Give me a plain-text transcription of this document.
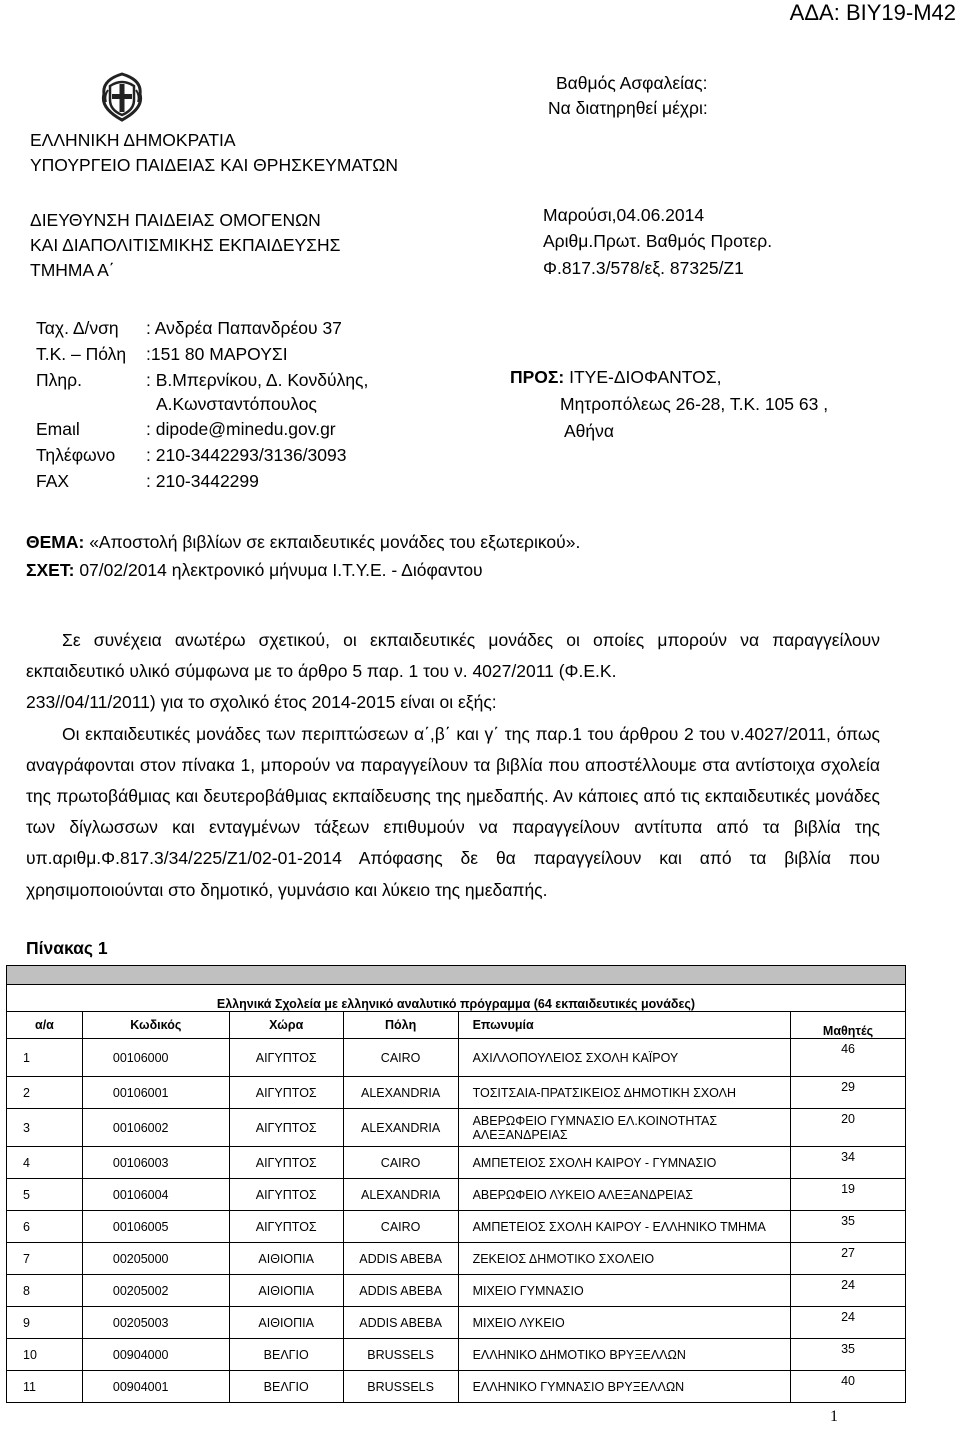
ΑΔΑ: ΒΙΥ19-Μ42
ΕΛΛΗΝΙΚΗ ΔΗΜΟΚΡΑΤΙΑ
ΥΠΟΥΡΓΕΙΟ ΠΑΙΔΕΙΑΣ ΚΑΙ ΘΡΗΣΚΕΥΜΑΤΩΝ
ΔΙΕΥΘΥΝΣΗ ΠΑΙΔΕΙΑΣ ΟΜΟΓΕΝΩΝ
ΚΑΙ ΔΙΑΠΟΛΙΤΙΣΜΙΚΗΣ ΕΚΠΑΙΔΕΥΣΗΣ
ΤΜΗΜΑ Α΄
Βαθμός Ασφαλείας:
Να διατηρηθεί μέχρι:
Μαρούσι,04.06.2014
Αριθμ.Πρωτ. Βαθμός Προτερ.
Φ.817.3/578/εξ. 87325/Ζ1
Ταχ. Δ/νση : Ανδρέα Παπανδρέου 37
Τ.Κ. – Πόλη :151 80 ΜΑΡΟΥΣΙ
Πληρ.	: Β.Μπερνίκου, Δ. Κονδύλης,
Α.Κωνσταντόπουλος
Emaιl	: dipode@minedu.gov.gr
Τηλέφωνο : 210-3442293/3136/3093
FAX	: 210-3442299
ΠΡΟΣ: ΙΤΥΕ-ΔΙΟΦΑΝΤΟΣ,
Μητροπόλεως 26-28, Τ.Κ. 105 63 ,
Αθήνα
ΘΕΜΑ: «Αποστολή βιβλίων σε εκπαιδευτικές μονάδες του εξωτερικού».
ΣΧΕΤ: 07/02/2014 ηλεκτρονικό μήνυμα Ι.Τ.Υ.Ε. - Διόφαντου

Σε συνέχεια ανωτέρω σχετικού, οι εκπαιδευτικές μονάδες οι οποίες μπορούν να παραγγείλουν εκπαιδευτικό υλικό σύμφωνα με το άρθρο 5 παρ. 1 του ν. 4027/2011 (Φ.Ε.Κ.

233//04/11/2011) για το σχολικό έτος 2014-2015 είναι οι εξής:

Οι εκπαιδευτικές μονάδες των περιπτώσεων α΄,β΄ και γ΄ της παρ.1 του άρθρου 2 του ν.4027/2011, όπως αναγράφονται στον πίνακα 1, μπορούν να παραγγείλουν τα βιβλία που αποστέλλουμε στα αντίστοιχα σχολεία της πρωτοβάθμιας και δευτεροβάθμιας εκπαίδευσης της ημεδαπής. Αν κάποιες από τις εκπαιδευτικές μονάδες των δίγλωσσων και ενταγμένων τάξεων επιθυμούν να παραγγείλουν αντίτυπα από τα βιβλία της υπ.αριθμ.Φ.817.3/34/225/Ζ1/02-01-2014 Απόφασης δε θα παραγγείλουν και από τα βιβλία που χρησιμοποιούνται στο δημοτικό, γυμνάσιο και λύκειο της ημεδαπής.

Πίνακας 1

Ελληνικά Σχολεία με ελληνικό αναλυτικό πρόγραμμα (64 εκπαιδευτικές μονάδες)					
α/α	Κωδικός	Χώρα	Πόλη	Επωνυμία	Μαθητές
1	00106000	ΑΙΓΥΠΤΟΣ	CAIRO	ΑΧΙΛΛΟΠΟΥΛΕΙΟΣ ΣΧΟΛΗ ΚΑΪΡΟΥ	46
2	00106001	ΑΙΓΥΠΤΟΣ	ALEXANDRIA	ΤΟΣΙΤΣΑΙΑ-ΠΡΑΤΣΙΚΕΙΟΣ ΔΗΜΟΤΙΚΗ ΣΧΟΛΗ	29
3	00106002	ΑΙΓΥΠΤΟΣ	ALEXANDRIA	ΑΒΕΡΩΦΕΙΟ ΓΥΜΝΑΣΙΟ ΕΛ.ΚΟΙΝΟΤΗΤΑΣ
ΑΛΕΞΑΝΔΡΕΙΑΣ	20
4	00106003	ΑΙΓΥΠΤΟΣ	CAIRO	ΑΜΠΕΤΕΙΟΣ ΣΧΟΛΗ ΚΑΙΡΟΥ - ΓΥΜΝΑΣΙΟ	34
5	00106004	ΑΙΓΥΠΤΟΣ	ALEXANDRIA	ΑΒΕΡΩΦΕΙΟ ΛΥΚΕΙΟ ΑΛΕΞΑΝΔΡΕΙΑΣ	19
6	00106005	ΑΙΓΥΠΤΟΣ	CAIRO	ΑΜΠΕΤΕΙΟΣ ΣΧΟΛΗ ΚΑΙΡΟΥ - ΕΛΛΗΝΙΚΟ ΤΜΗΜΑ	35
7	00205000	ΑΙΘΙΟΠΙΑ	ADDIS ABEBA	ΖΕΚΕΙΟΣ ΔΗΜΟΤΙΚΟ ΣΧΟΛΕΙΟ	27
8	00205002	ΑΙΘΙΟΠΙΑ	ADDIS ABEBA	ΜΙΧΕΙΟ ΓΥΜΝΑΣΙΟ	24
9	00205003	ΑΙΘΙΟΠΙΑ	ADDIS ABEBA	ΜΙΧΕΙΟ ΛΥΚΕΙΟ	24
10	00904000	ΒΕΛΓΙΟ	BRUSSELS	ΕΛΛΗΝΙΚΟ ΔΗΜΟΤΙΚΟ ΒΡΥΞΕΛΛΩΝ	35
11	00904001	ΒΕΛΓΙΟ	BRUSSELS	ΕΛΛΗΝΙΚΟ ΓΥΜΝΑΣΙΟ ΒΡΥΞΕΛΛΩΝ	40
1
